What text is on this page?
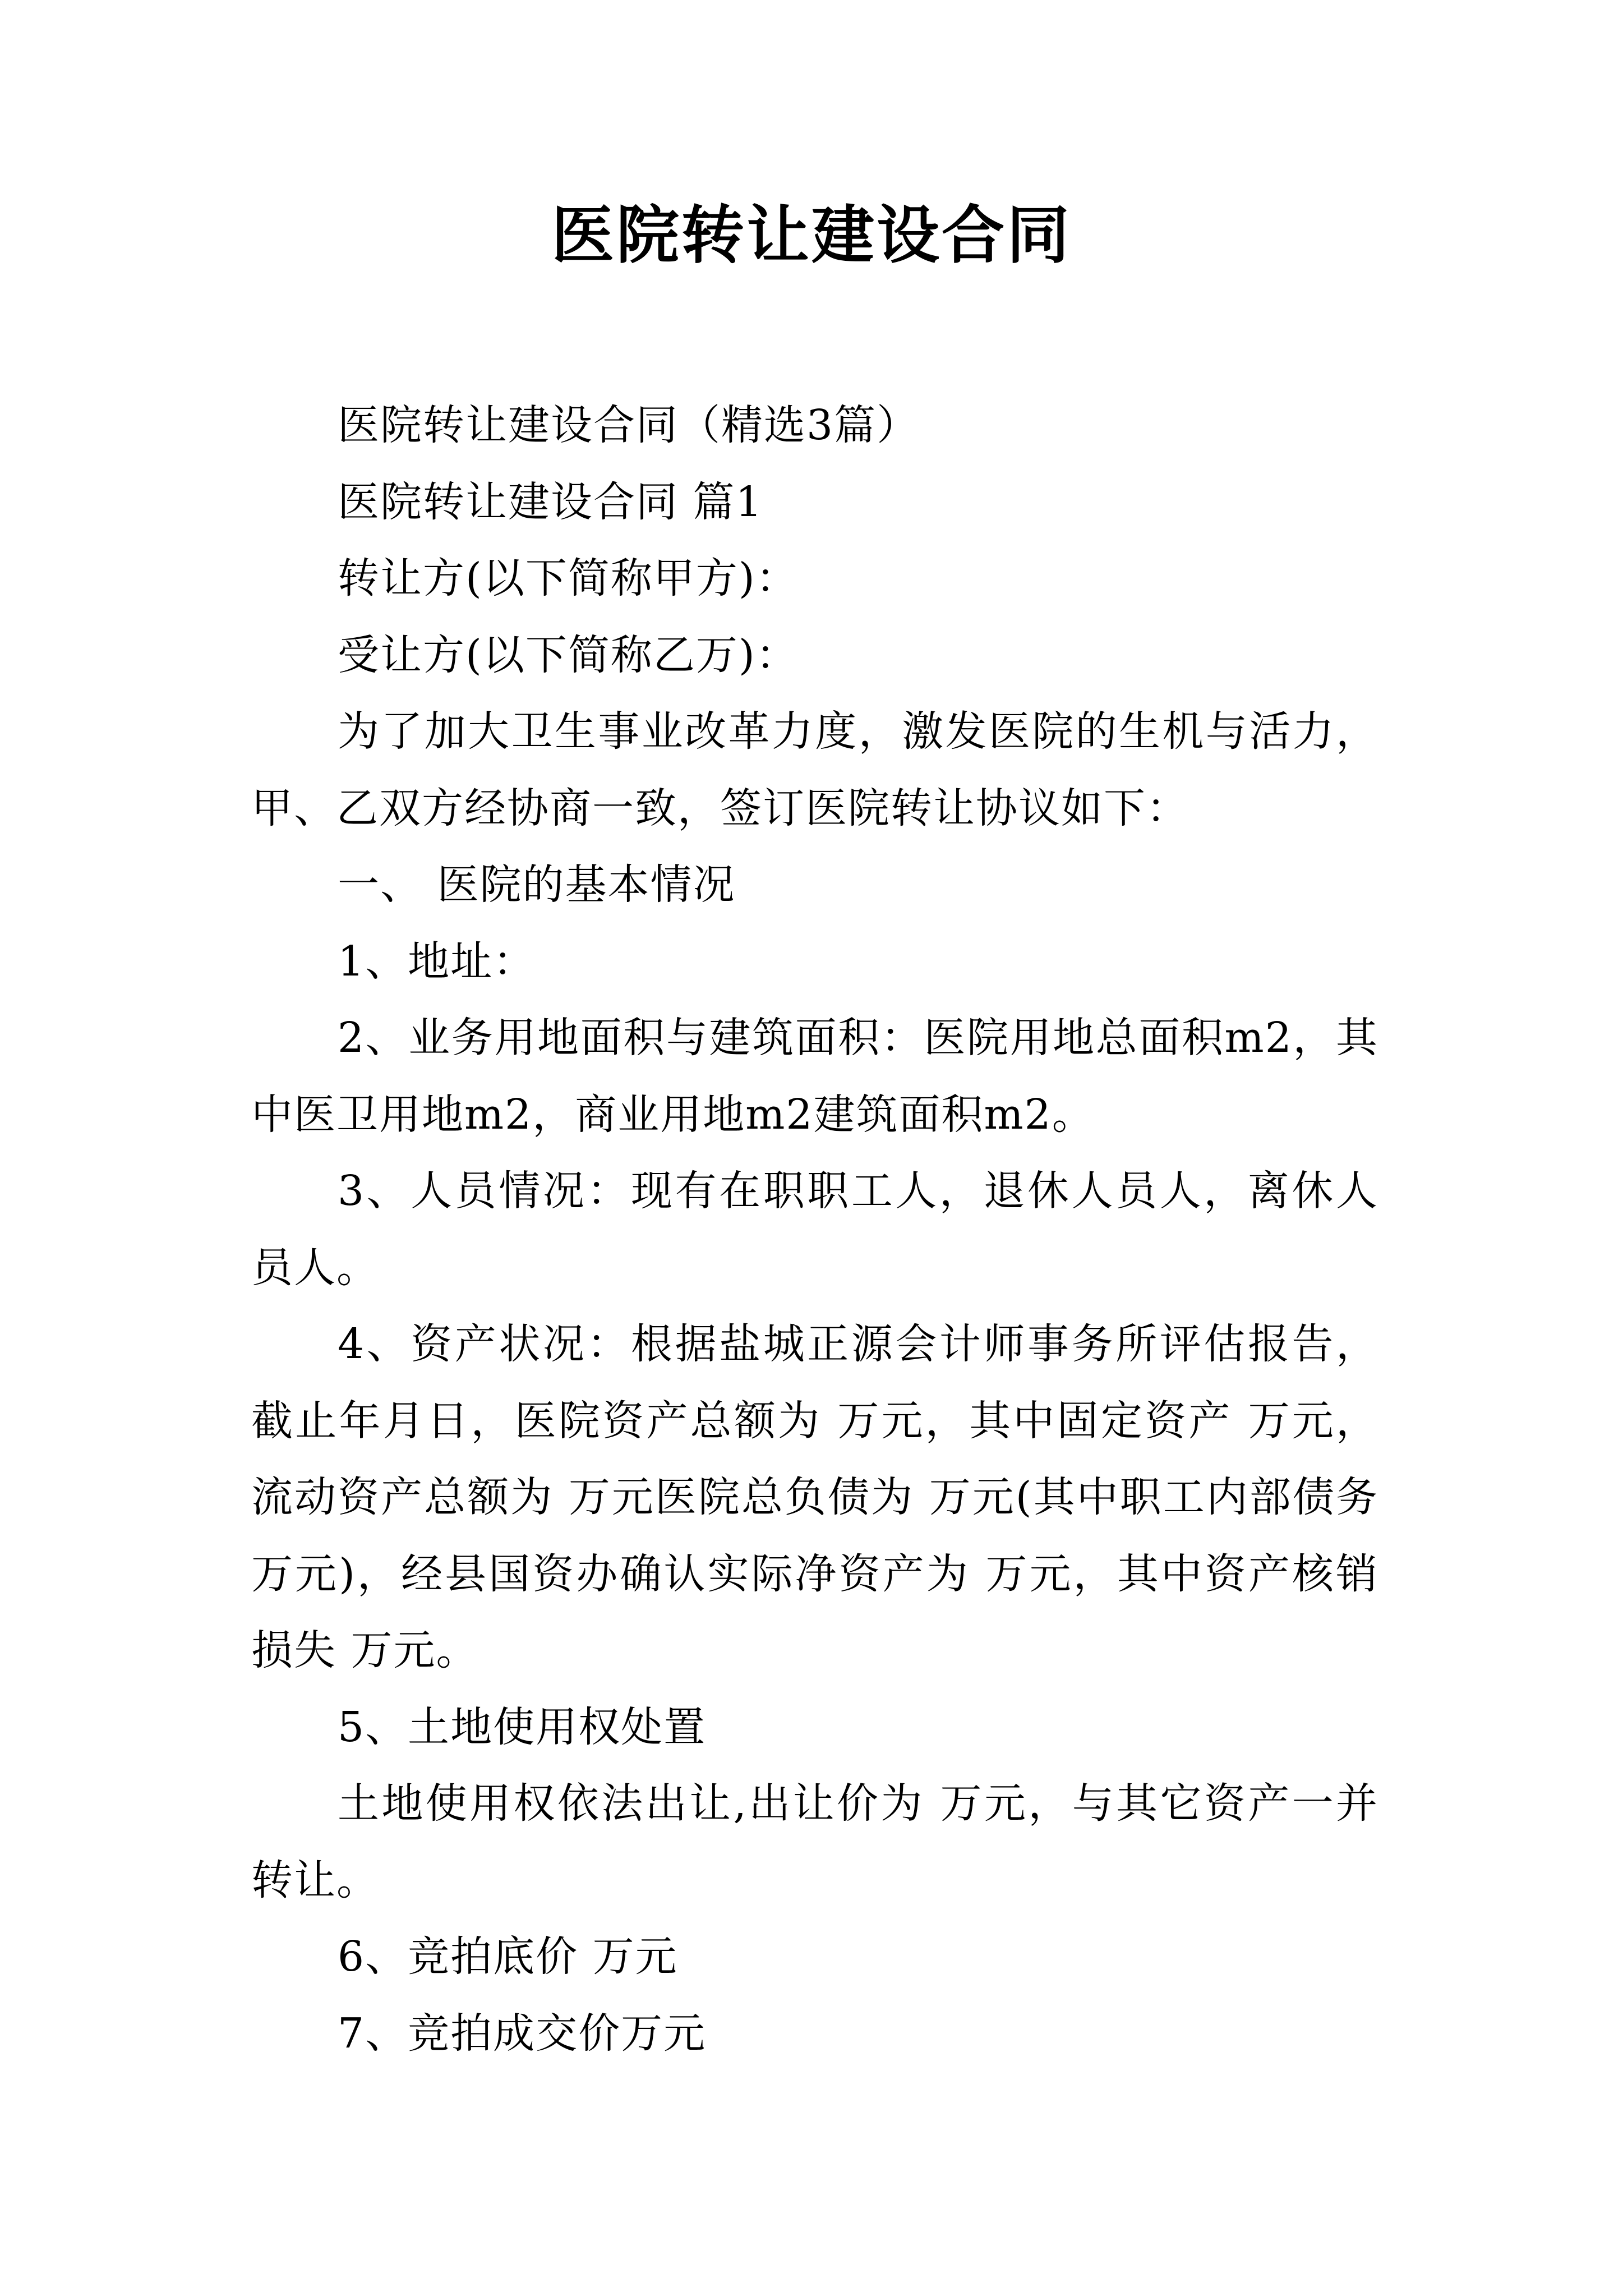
医院转让建设合同

医院转让建设合同（精选3篇）

医院转让建设合同 篇1

转让方(以下简称甲方)：

受让方(以下简称乙万)：

为了加大卫生事业改革力度，激发医院的生机与活力，甲、乙双方经协商一致，签订医院转让协议如下：

一、 医院的基本情况

1、地址：

2、业务用地面积与建筑面积：医院用地总面积m2，其中医卫用地m2，商业用地m2建筑面积m2。

3、人员情况：现有在职职工人，退休人员人，离休人员人。

4、资产状况：根据盐城正源会计师事务所评估报告，截止年月日，医院资产总额为 万元，其中固定资产 万元，流动资产总额为 万元医院总负债为 万元(其中职工内部债务 万元)，经县国资办确认实际净资产为 万元，其中资产核销损失 万元。

5、土地使用权处置

土地使用权依法出让,出让价为 万元，与其它资产一并转让。

6、竞拍底价 万元

7、竞拍成交价万元
